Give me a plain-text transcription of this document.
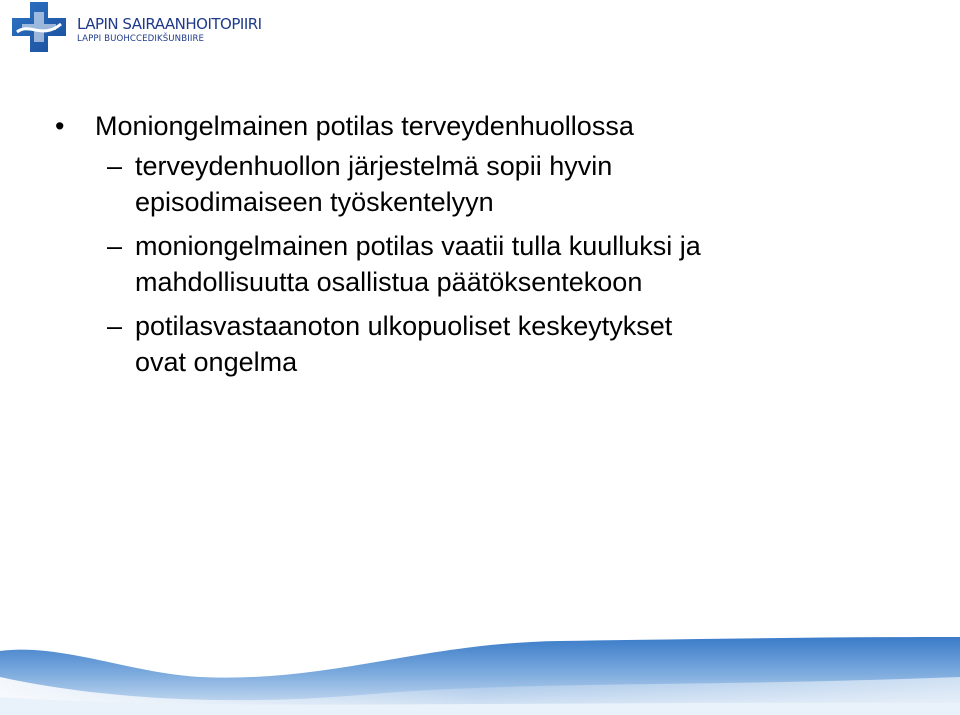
LAPIN SAIRAANHOITOPIIRI
LAPPI BUOHCCEDIKŠUNBIIRE
• Moniongelmainen potilas terveydenhuollossa
– terveydenhuollon järjestelmä sopii hyvin
episodimaiseen työskentelyyn
– moniongelmainen potilas vaatii tulla kuulluksi ja
mahdollisuutta osallistua päätöksentekoon
– potilasvastaanoton ulkopuoliset keskeytykset
ovat ongelma
